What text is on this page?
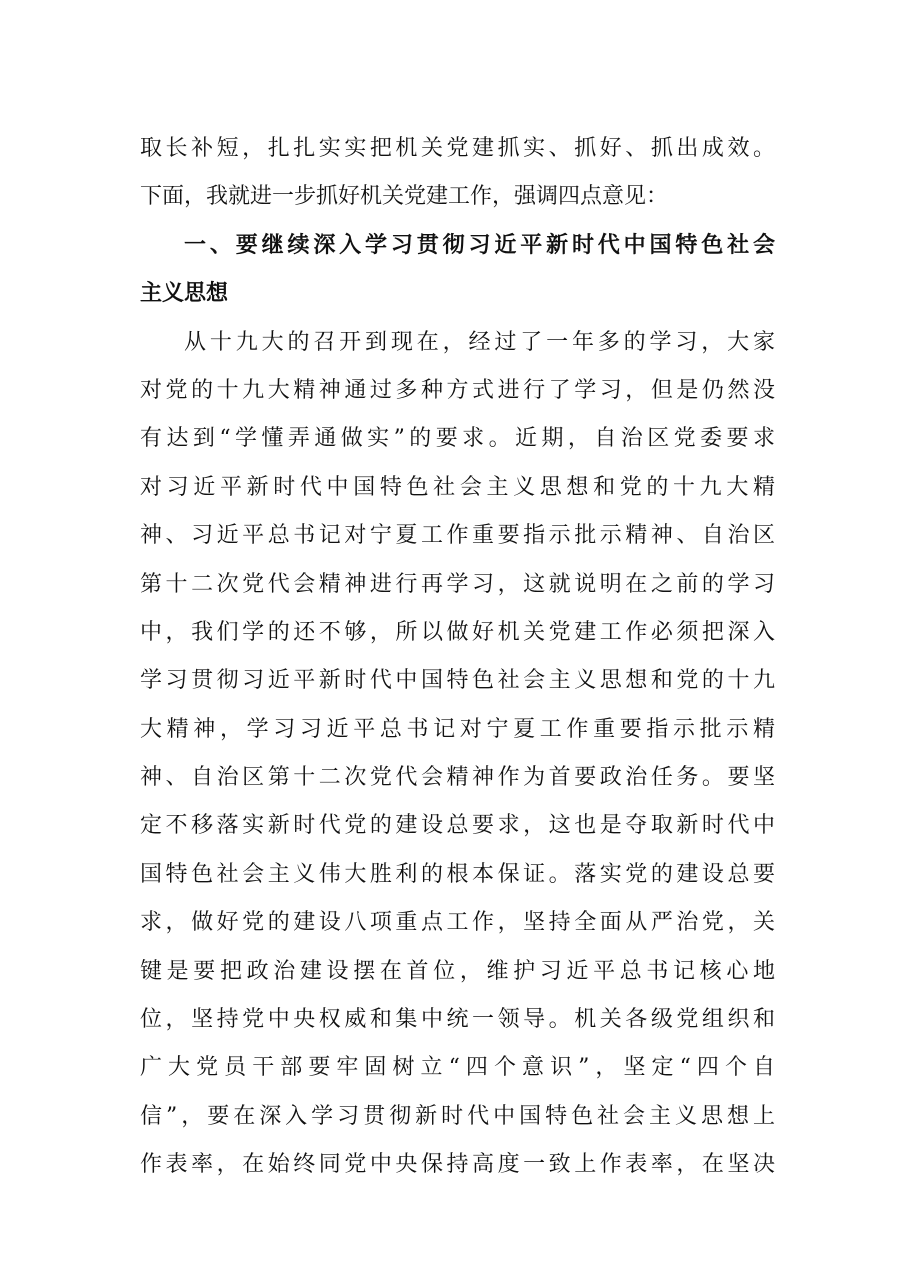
取长补短，扎扎实实把机关党建抓实、抓好、抓出成效。
下面，我就进一步抓好机关党建工作，强调四点意见：
一、要继续深入学习贯彻习近平新时代中国特色社会
主义思想
从十九大的召开到现在，经过了一年多的学习，大家
对党的十九大精神通过多种方式进行了学习，但是仍然没
有达到“学懂弄通做实”的要求。近期，自治区党委要求
对习近平新时代中国特色社会主义思想和党的十九大精
神、习近平总书记对宁夏工作重要指示批示精神、自治区
第十二次党代会精神进行再学习，这就说明在之前的学习
中，我们学的还不够，所以做好机关党建工作必须把深入
学习贯彻习近平新时代中国特色社会主义思想和党的十九
大精神，学习习近平总书记对宁夏工作重要指示批示精
神、自治区第十二次党代会精神作为首要政治任务。要坚
定不移落实新时代党的建设总要求，这也是夺取新时代中
国特色社会主义伟大胜利的根本保证。落实党的建设总要
求，做好党的建设八项重点工作，坚持全面从严治党，关
键是要把政治建设摆在首位，维护习近平总书记核心地
位，坚持党中央权威和集中统一领导。机关各级党组织和
广大党员干部要牢固树立“四个意识”，坚定“四个自
信”，要在深入学习贯彻新时代中国特色社会主义思想上
作表率，在始终同党中央保持高度一致上作表率，在坚决
